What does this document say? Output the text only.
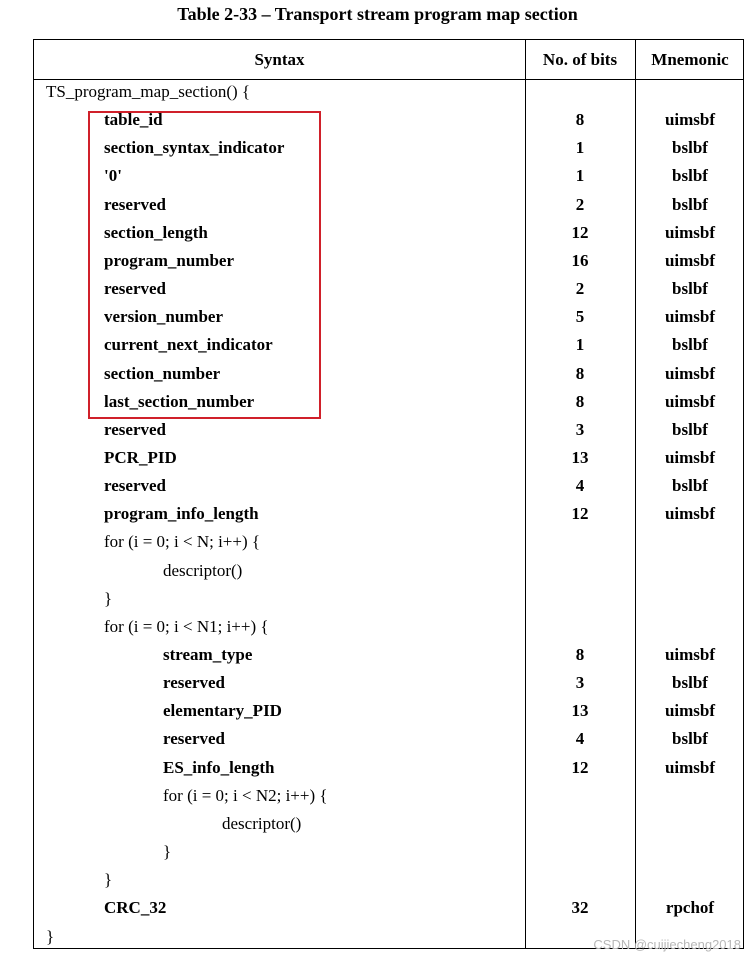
Table 2-33 – Transport stream program map section
Syntax	No. of bits	Mnemonic
TS_program_map_section() {
table_id	8	uimsbf
section_syntax_indicator	1	bslbf
'0'	1	bslbf
reserved	2	bslbf
section_length	12	uimsbf
program_number	16	uimsbf
reserved	2	bslbf
version_number	5	uimsbf
current_next_indicator	1	bslbf
section_number	8	uimsbf
last_section_number	8	uimsbf
reserved	3	bslbf
PCR_PID	13	uimsbf
reserved	4	bslbf
program_info_length	12	uimsbf
for (i = 0; i < N; i++) {
descriptor()
}
for (i = 0; i < N1; i++) {
stream_type	8	uimsbf
reserved	3	bslbf
elementary_PID	13	uimsbf
reserved	4	bslbf
ES_info_length	12	uimsbf
for (i = 0; i < N2; i++) {
descriptor()
}
}
CRC_32	32	rpchof
}	CSDN @cuijiecheng2018
